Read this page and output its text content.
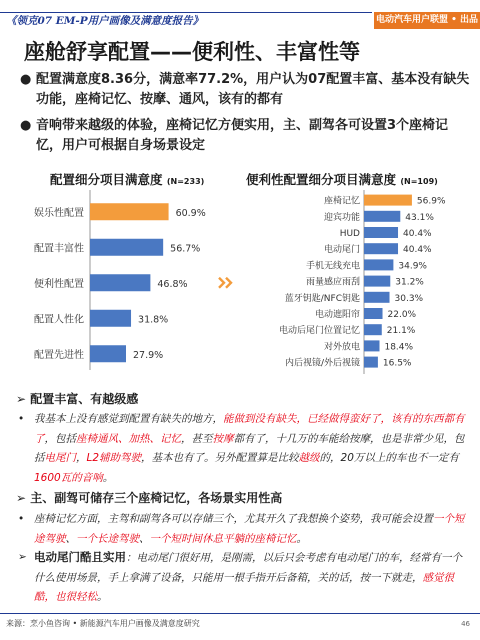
《领克07 EM-P用户画像及满意度报告》	电动汽车用户联盟 • 出品
座舱舒享配置——便利性、丰富性等
● 配置满意度8.36分，满意率77.2%，用户认为07配置丰富、基本没有缺失功能，座椅记忆、按摩、通风，该有的都有
● 音响带来越级的体验，座椅记忆方便实用，主、副驾各可设置3个座椅记忆，用户可根据自身场景设定
配置细分项目满意度 (N=233)
娱乐性配置	60.9%
配置丰富性	56.7%
便利性配置	46.8%
配置人性化	31.8%
配置先进性	27.9%
便利性配置细分项目满意度 (N=109)
座椅记忆	56.9%
迎宾功能	43.1%
HUD	40.4%
电动尾门	40.4%
手机无线充电	34.9%
雨量感应雨刮	31.2%
蓝牙钥匙/NFC钥匙	30.3%
电动遮阳帘	22.0%
电动后尾门位置记忆	21.1%
对外放电	18.4%
内后视镜/外后视镜	16.5%
➢ 配置丰富、有越级感
• 我基本上没有感觉到配置有缺失的地方，能做到没有缺失，已经做得蛮好了，该有的东西都有了，包括座椅通风、加热、记忆，甚至按摩都有了，十几万的车能给按摩，也是非常少见，包括电尾门，L2辅助驾驶，基本也有了。另外配置算是比较越级的，20万以上的车也不一定有1600瓦的音响。
➢ 主、副驾可储存三个座椅记忆，各场景实用性高
• 座椅记忆方面，主驾和副驾各可以存储三个，尤其开久了我想换个姿势，我可能会设置一个短途驾驶、一个长途驾驶、一个短时间休息平躺的座椅记忆。
➢ 电动尾门酷且实用：电动尾门很好用，是刚需，以后只会考虑有电动尾门的车，经常有一个什么使用场景，手上拿满了设备，只能用一根手指开后备箱，关的话，按一下就走，感觉很酷，也很轻松。
来源：烹小鱼咨询 • 新能源汽车用户画像及满意度研究	46
